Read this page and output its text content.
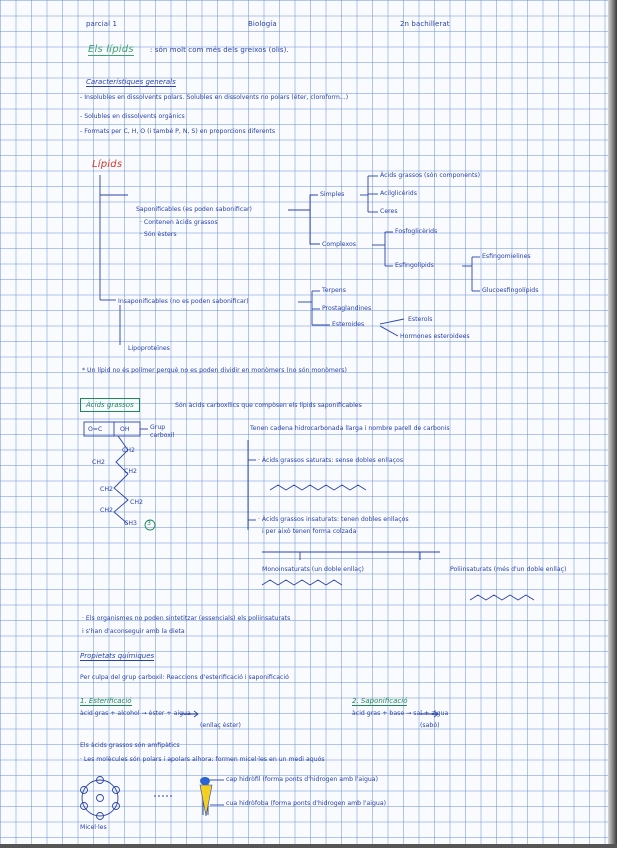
parcial 1	Biología	2n bachillerat
Els lípids : són molt com més dels greixos (olis).
Característiques generals
- Insolubles en dissolvents polars. Solubles en dissolvents no polars (éter, cloroform...)
- Solubles en dissolvents orgànics
- Formats per C, H, O (i també P, N, S) en proporcions diferents
Lípids
Saponificables (es poden sabonificar)
· Contenen àcids grassos
· Són èsters
Simples
Àcids grassos (són components)
Acilglicèrids
Ceres
Complexos
Fosfoglicèrids
Esfingolípids
Esfingomielines
Glucoesfingolípids
Insaponificables (no es poden sabonificar)
Terpens
Prostaglandines
Esteroides
Esterols
Hormones esteroidees
Lipoproteïnes
* Un lípid no és polímer perquè no es poden dividir en monòmers (no són monòmers)
Àcids grassos	Són àcids carboxílics que compòsen els lípids saponificables
O=C	OH	Grup carboxil
CH2
CH2
CH2
CH2
CH2
CH2
CH3 3
Tenen cadena hidrocarbonada llarga i nombre parell de carbonis
· Àcids grassos saturats: sense dobles enllaços
· Àcids grassos insaturats: tenen dobles enllaços
i per això tenen forma colzada
Monoinsaturats (un doble enllaç)	Poliinsaturats (més d'un doble enllaç)
· Els organismes no poden sintetitzar (essencials) els poliinsaturats
i s'han d'aconseguir amb la dieta
Propietats químiques
Per culpa del grup carboxil: Reaccions d'esterificació i saponificació
1. Esterificació
àcid gras + alcohol → èster + aigua
(enllaç èster)
2. Saponificació
àcid gras + base → sal + aigua
(sabó)
Els àcids grassos són amfipàtics
· Les molècules són polars i apolars alhora: formen micel·les en un medi aquós
cap hidròfil (forma ponts d'hidrogen amb l'aigua)
cua hidròfoba (forma ponts d'hidrogen amb l'aigua)
Micel·les
